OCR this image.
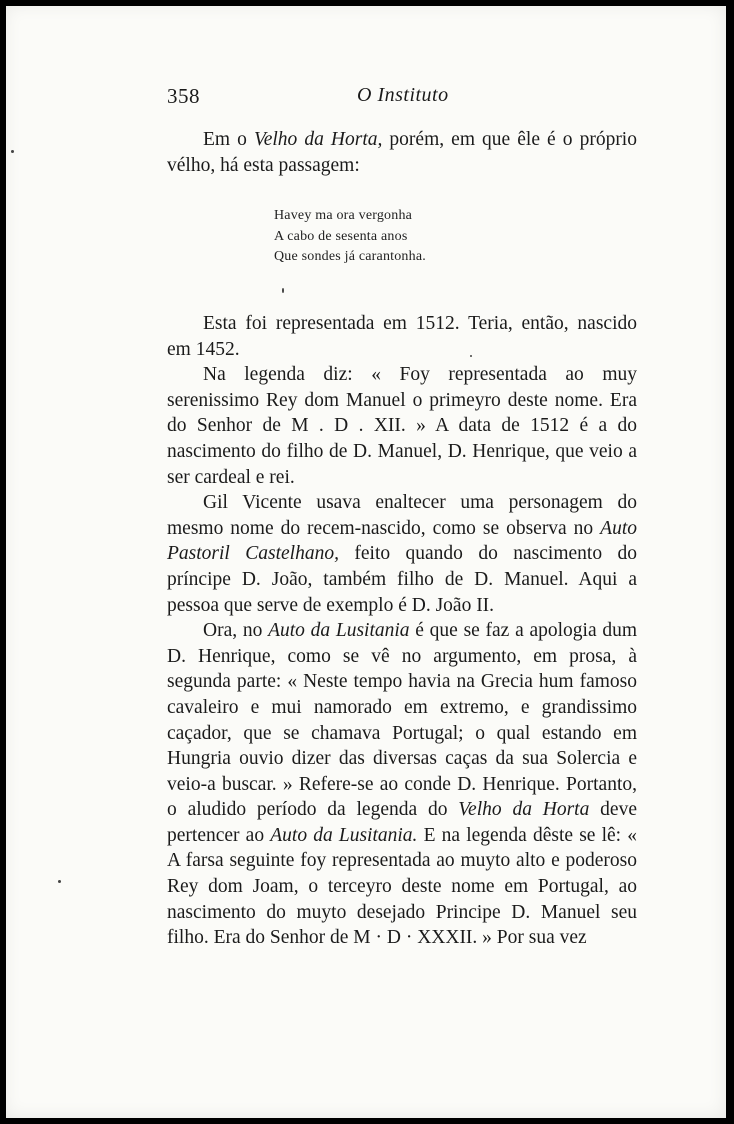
358	O Instituto

Em o Velho da Horta, porém, em que êle é o próprio vélho, há esta passagem:

Havey ma ora vergonha
A cabo de sesenta anos
Que sondes já carantonha.

Esta foi representada em 1512. Teria, então, nascido em 1452.

Na legenda diz: « Foy representada ao muy serenissimo Rey dom Manuel o primeyro deste nome. Era do Senhor de M . D . XII. » A data de 1512 é a do nascimento do filho de D. Manuel, D. Henrique, que veio a ser cardeal e rei.

Gil Vicente usava enaltecer uma personagem do mesmo nome do recem-nascido, como se observa no Auto Pastoril Castelhano, feito quando do nascimento do príncipe D. João, também filho de D. Manuel. Aqui a pessoa que serve de exemplo é D. João II.

Ora, no Auto da Lusitania é que se faz a apologia dum D. Henrique, como se vê no argumento, em prosa, à segunda parte: « Neste tempo havia na Grecia hum famoso cavaleiro e mui namorado em extremo, e grandissimo caçador, que se chamava Portugal; o qual estando em Hungria ouvio dizer das diversas caças da sua Solercia e veio-a buscar. » Refere-se ao conde D. Henrique. Portanto, o aludido período da legenda do Velho da Horta deve pertencer ao Auto da Lusitania. E na legenda dêste se lê: « A farsa seguinte foy representada ao muyto alto e poderoso Rey dom Joam, o terceyro deste nome em Portugal, ao nascimento do muyto desejado Principe D. Manuel seu filho. Era do Senhor de M · D · XXXII. » Por sua vez
